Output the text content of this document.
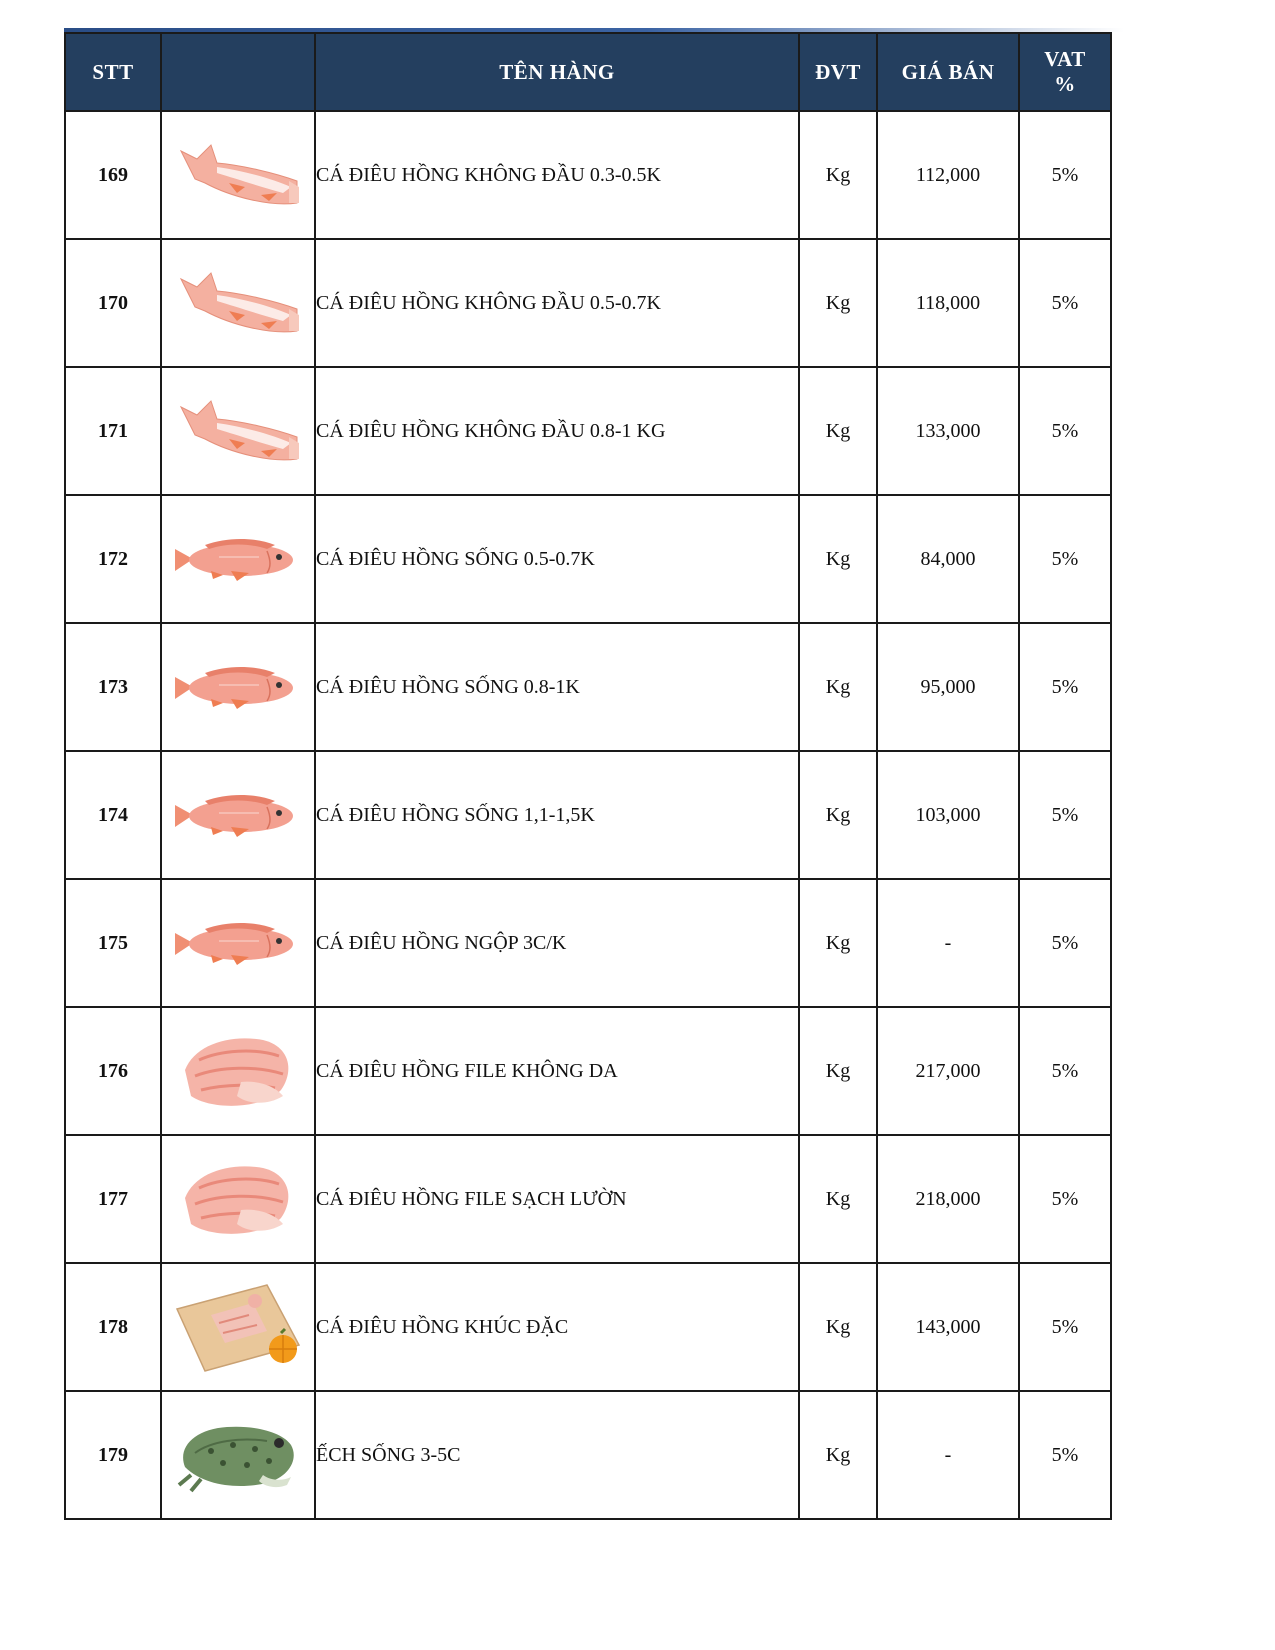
STT		TÊN HÀNG	ĐVT	GIÁ BÁN	VAT
%
169		CÁ ĐIÊU HỒNG KHÔNG ĐẦU 0.3-0.5K	Kg	112,000	5%
170		CÁ ĐIÊU HỒNG KHÔNG ĐẦU 0.5-0.7K	Kg	118,000	5%
171		CÁ ĐIÊU HỒNG KHÔNG ĐẦU 0.8-1 KG	Kg	133,000	5%
172		CÁ ĐIÊU HỒNG SỐNG 0.5-0.7K	Kg	84,000	5%
173		CÁ ĐIÊU HỒNG SỐNG 0.8-1K	Kg	95,000	5%
174		CÁ ĐIÊU HỒNG SỐNG 1,1-1,5K	Kg	103,000	5%
175		CÁ ĐIÊU HỒNG NGỘP 3C/K	Kg	-	5%
176		CÁ ĐIÊU HỒNG FILE KHÔNG DA	Kg	217,000	5%
177		CÁ ĐIÊU HỒNG FILE SẠCH LƯỜN	Kg	218,000	5%
178		CÁ ĐIÊU HỒNG KHÚC ĐẶC	Kg	143,000	5%
179		ẾCH SỐNG 3-5C	Kg	-	5%
